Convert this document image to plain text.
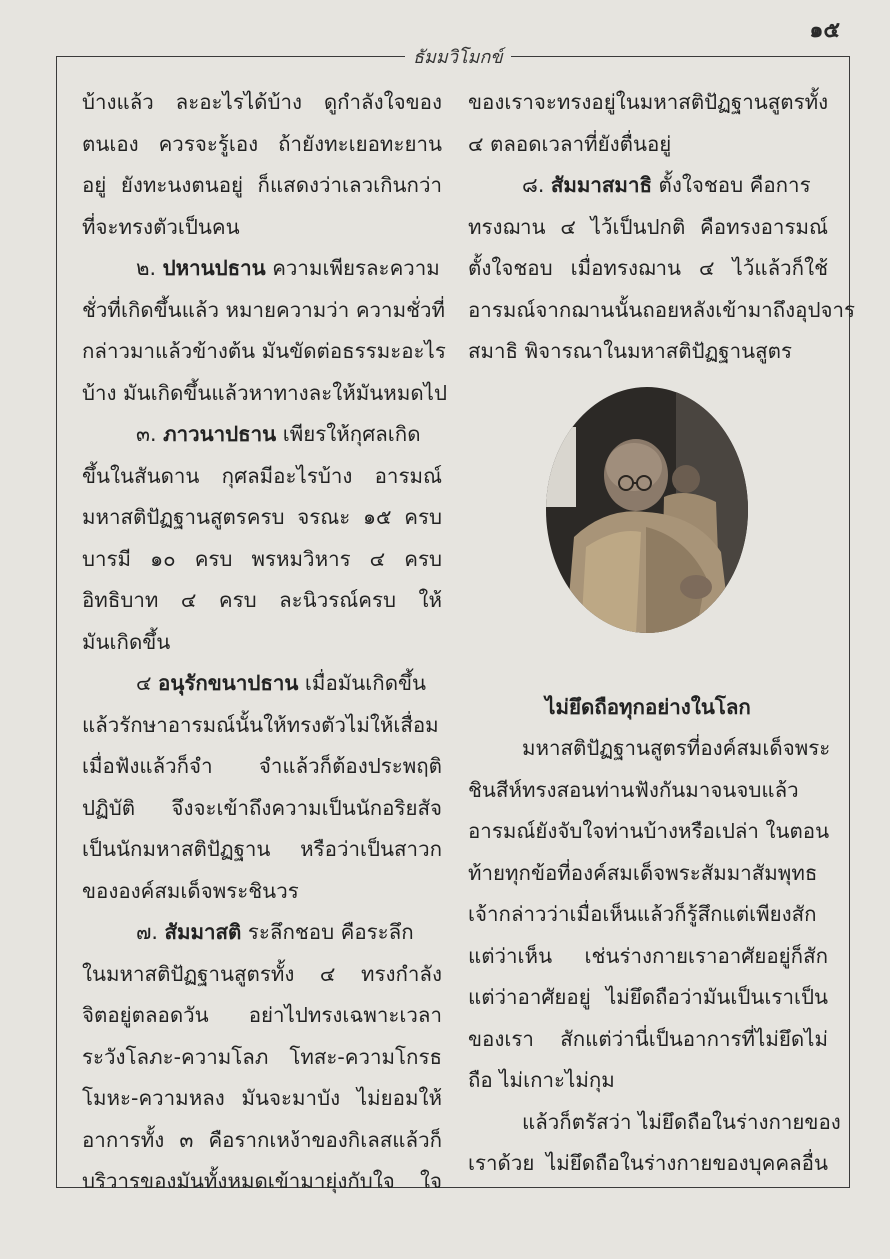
๑๕
ธัมมวิโมกข์
บ้างแล้ว ละอะไรได้บ้าง ดูกำลังใจของ
ตนเอง ควรจะรู้เอง ถ้ายังทะเยอทะยาน
อยู่ ยังทะนงตนอยู่ ก็แสดงว่าเลวเกินกว่า
ที่จะทรงตัวเป็นคน
๒. ปหานปธาน ความเพียรละความ
ชั่วที่เกิดขึ้นแล้ว หมายความว่า ความชั่วที่
กล่าวมาแล้วข้างต้น มันขัดต่อธรรมะอะไร
บ้าง มันเกิดขึ้นแล้วหาทางละให้มันหมดไป
๓. ภาวนาปธาน เพียรให้กุศลเกิด
ขึ้นในสันดาน กุศลมีอะไรบ้าง อารมณ์
มหาสติปัฏฐานสูตรครบ จรณะ ๑๕ ครบ
บารมี ๑๐ ครบ พรหมวิหาร ๔ ครบ
อิทธิบาท ๔ ครบ ละนิวรณ์ครบ ให้
มันเกิดขึ้น
๔ อนุรักขนาปธาน เมื่อมันเกิดขึ้น
แล้วรักษาอารมณ์นั้นให้ทรงตัวไม่ให้เสื่อม
เมื่อฟังแล้วก็จำ จำแล้วก็ต้องประพฤติ
ปฏิบัติ จึงจะเข้าถึงความเป็นนักอริยสัจ
เป็นนักมหาสติปัฏฐาน หรือว่าเป็นสาวก
ขององค์สมเด็จพระชินวร
๗. สัมมาสติ ระลึกชอบ คือระลึก
ในมหาสติปัฏฐานสูตรทั้ง ๔ ทรงกำลัง
จิตอยู่ตลอดวัน อย่าไปทรงเฉพาะเวลา
ระวังโลภะ-ความโลภ โทสะ-ความโกรธ
โมหะ-ความหลง มันจะมาบัง ไม่ยอมให้
อาการทั้ง ๓ คือรากเหง้าของกิเลสแล้วก็
บริวารของมันทั้งหมดเข้ามายุ่งกับใจ ใจ
ของเราจะทรงอยู่ในมหาสติปัฏฐานสูตรทั้ง
๔ ตลอดเวลาที่ยังตื่นอยู่
๘. สัมมาสมาธิ ตั้งใจชอบ คือการ
ทรงฌาน ๔ ไว้เป็นปกติ คือทรงอารมณ์
ตั้งใจชอบ เมื่อทรงฌาน ๔ ไว้แล้วก็ใช้
อารมณ์จากฌานนั้นถอยหลังเข้ามาถึงอุปจาร
สมาธิ พิจารณาในมหาสติปัฏฐานสูตร
ไม่ยึดถือทุกอย่างในโลก
มหาสติปัฏฐานสูตรที่องค์สมเด็จพระ
ชินสีห์ทรงสอนท่านฟังกันมาจนจบแล้ว
อารมณ์ยังจับใจท่านบ้างหรือเปล่า ในตอน
ท้ายทุกข้อที่องค์สมเด็จพระสัมมาสัมพุทธ
เจ้ากล่าวว่าเมื่อเห็นแล้วก็รู้สึกแต่เพียงสัก
แต่ว่าเห็น เช่นร่างกายเราอาศัยอยู่ก็สัก
แต่ว่าอาศัยอยู่ ไม่ยึดถือว่ามันเป็นเราเป็น
ของเรา สักแต่ว่านี่เป็นอาการที่ไม่ยึดไม่
ถือ ไม่เกาะไม่กุม
แล้วก็ตรัสว่า ไม่ยึดถือในร่างกายของ
เราด้วย ไม่ยึดถือในร่างกายของบุคคลอื่น
